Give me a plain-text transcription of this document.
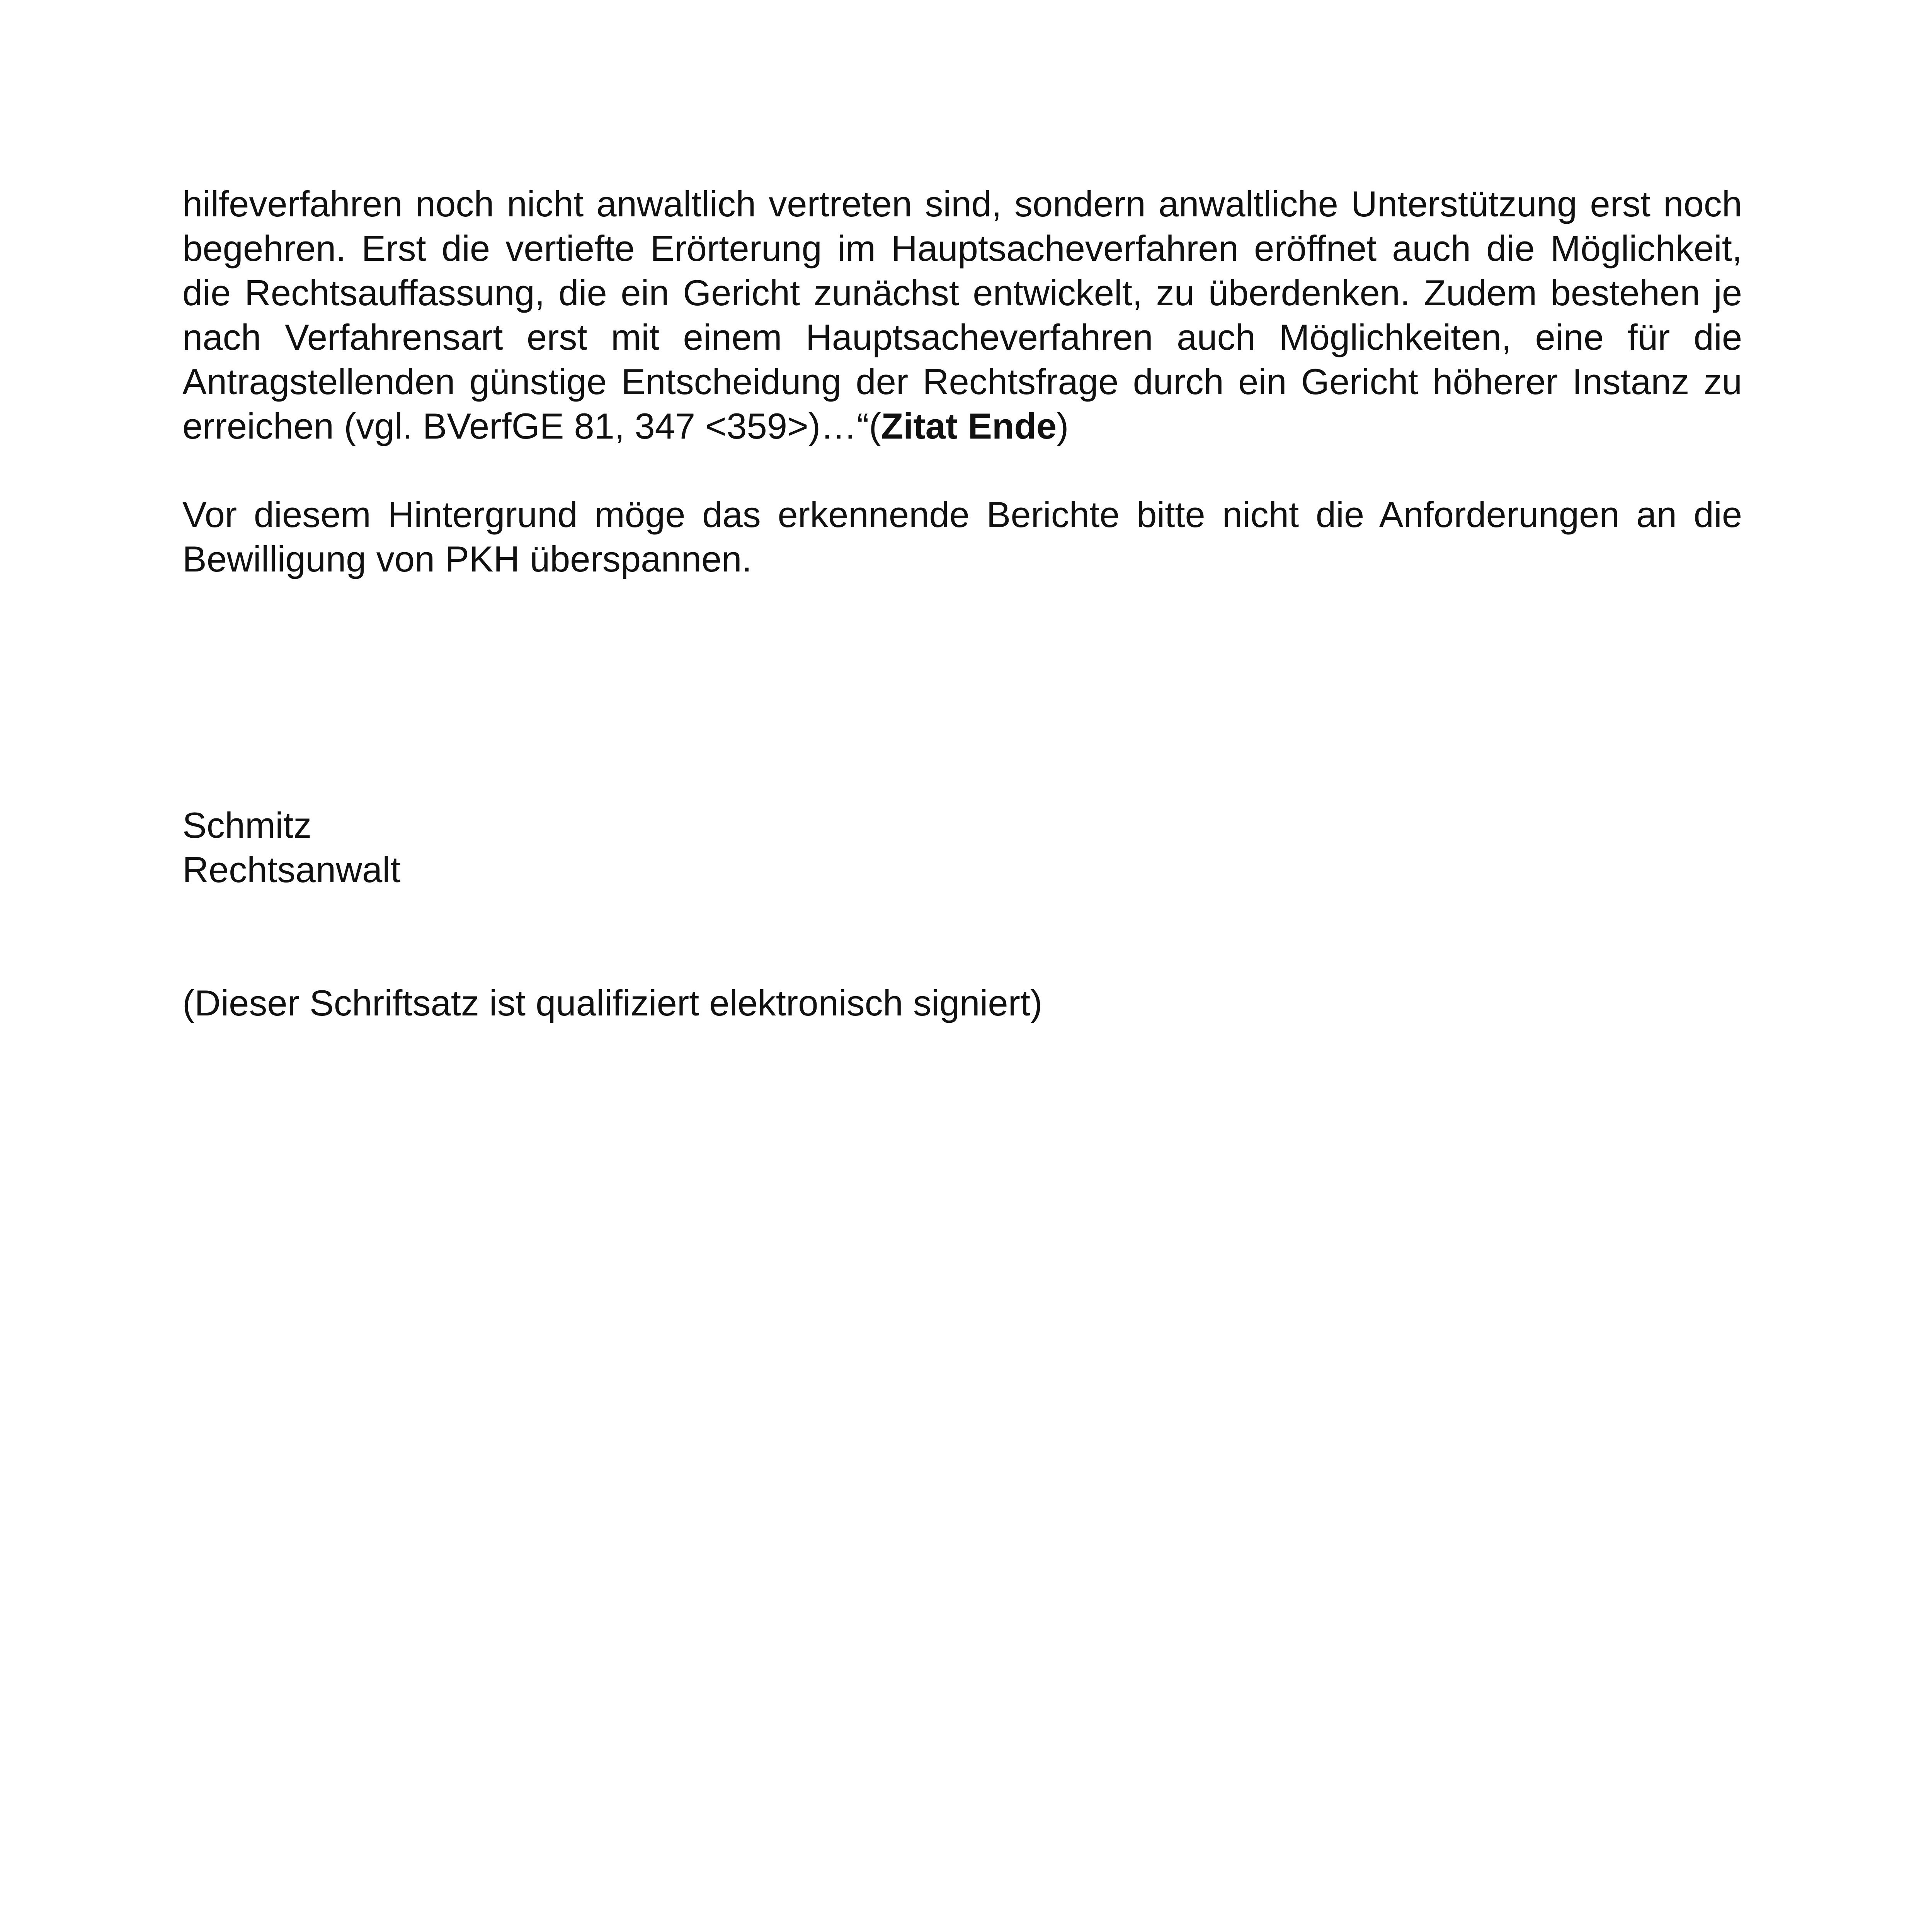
hilfeverfahren noch nicht anwaltlich vertreten sind, sondern anwaltliche Unterstützung erst noch begehren. Erst die vertiefte Erörterung im Hauptsacheverfahren eröffnet auch die Möglichkeit, die Rechtsauffassung, die ein Gericht zunächst entwickelt, zu überdenken. Zudem bestehen je nach Verfahrensart erst mit einem Hauptsacheverfahren auch Möglichkeiten, eine für die Antragstellenden günstige Entscheidung der Rechtsfrage durch ein Gericht höherer Instanz zu erreichen (vgl. BVerfGE 81, 347 <359>)…“(Zitat Ende)

Vor diesem Hintergrund möge das erkennende Berichte bitte nicht die Anforderungen an die Bewilligung von PKH überspannen.

Schmitz

Rechtsanwalt

(Dieser Schriftsatz ist qualifiziert elektronisch signiert)
